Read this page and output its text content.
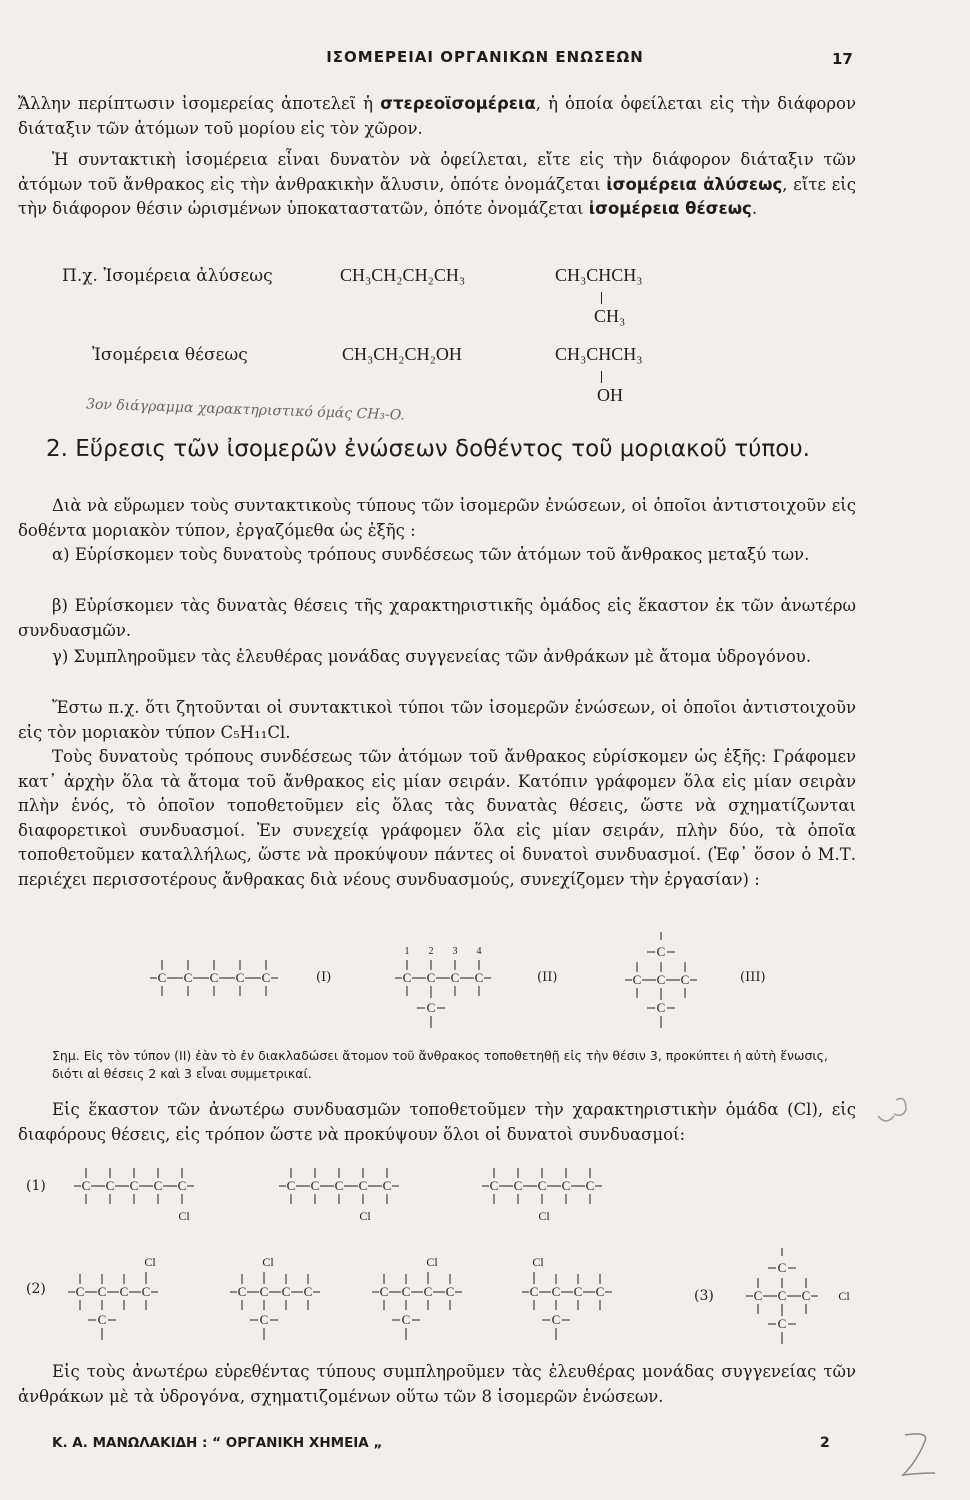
ΙΣΟΜΕΡΕΙΑΙ ΟΡΓΑΝΙΚΩΝ ΕΝΩΣΕΩΝ	17

Ἄλλην περίπτωσιν ἰσομερείας ἀποτελεῖ ἡ στερεοϊσομέρεια, ἡ ὁποία ὀφείλεται εἰς τὴν διάφορον διάταξιν τῶν ἀτόμων τοῦ μορίου εἰς τὸν χῶρον.

Ἡ συντακτικὴ ἰσομέρεια εἶναι δυνατὸν νὰ ὀφείλεται, εἴτε εἰς τὴν διάφορον διάταξιν τῶν ἀτόμων τοῦ ἄνθρακος εἰς τὴν ἀνθρακικὴν ἄλυσιν, ὁπότε ὀνομάζεται ἰσομέρεια ἀλύσεως, εἴτε εἰς τὴν διάφορον θέσιν ὡρισμένων ὑποκαταστατῶν, ὁπότε ὀνομάζεται ἰσομέρεια θέσεως.

Π.χ. Ἰσομέρεια ἀλύσεως	CH₃CH₂CH₂CH₃	CH₃CHCH₃
CH₃
Ἰσομέρεια θέσεως	CH₃CH₂CH₂OH	CH₃CHCH₃
OH
3ον διάγραμμα χαρακτηριστικό όμάς CH₃-O.
2. Εὕρεσις τῶν ἰσομερῶν ἐνώσεων δοθέντος τοῦ μοριακοῦ τύπου.

Διὰ νὰ εὕρωμεν τοὺς συντακτικοὺς τύπους τῶν ἰσομερῶν ἐνώσεων, οἱ ὁποῖοι ἀντιστοιχοῦν εἰς δοθέντα μοριακὸν τύπον, ἐργαζόμεθα ὡς ἑξῆς :

α) Εὑρίσκομεν τοὺς δυνατοὺς τρόπους συνδέσεως τῶν ἀτόμων τοῦ ἄνθρακος μεταξύ των.

β) Εὑρίσκομεν τὰς δυνατὰς θέσεις τῆς χαρακτηριστικῆς ὁμάδος εἰς ἕκαστον ἐκ τῶν ἀνωτέρω συνδυασμῶν.

γ) Συμπληροῦμεν τὰς ἐλευθέρας μονάδας συγγενείας τῶν ἀνθράκων μὲ ἄτομα ὑδρογόνου.

Ἔστω π.χ. ὅτι ζητοῦνται οἱ συντακτικοὶ τύποι τῶν ἰσομερῶν ἐνώσεων, οἱ ὁποῖοι ἀντιστοιχοῦν εἰς τὸν μοριακὸν τύπον C₅H₁₁Cl.

Τοὺς δυνατοὺς τρόπους συνδέσεως τῶν ἀτόμων τοῦ ἄνθρακος εὑρίσκομεν ὡς ἑξῆς: Γράφομεν κατ᾽ ἀρχὴν ὅλα τὰ ἄτομα τοῦ ἄνθρακος εἰς μίαν σειράν. Κατόπιν γράφομεν ὅλα εἰς μίαν σειρὰν πλὴν ἑνός, τὸ ὁποῖον τοποθετοῦμεν εἰς ὅλας τὰς δυνατὰς θέσεις, ὥστε νὰ σχηματίζωνται διαφορετικοὶ συνδυασμοί. Ἐν συνεχείᾳ γράφομεν ὅλα εἰς μίαν σειράν, πλὴν δύο, τὰ ὁποῖα τοποθετοῦμεν καταλλήλως, ὥστε νὰ προκύψουν πάντες οἱ δυνατοὶ συνδυασμοί. (Ἐφ᾽ ὅσον ὁ Μ.Τ. περιέχει περισσοτέρους ἄνθρακας διὰ νέους συνδυασμούς, συνεχίζομεν τὴν ἐργασίαν) :

C C C C C	(I)	C C C C
1 2 3 4
C
(II)	C C C
C
C
(III)

Σημ. Εἰς τὸν τύπον (II) ἐὰν τὸ ἐν διακλαδώσει ἄτομον τοῦ ἄνθρακος τοποθετηθῇ εἰς τὴν θέσιν 3, προκύπτει ἡ αὐτὴ ἕνωσις, διότι αἱ θέσεις 2 καὶ 3 εἶναι συμμετρικαί.

Εἰς ἕκαστον τῶν ἀνωτέρω συνδυασμῶν τοποθετοῦμεν τὴν χαρακτηριστικὴν ὁμάδα (Cl), εἰς διαφόρους θέσεις, εἰς τρόπον ὥστε νὰ προκύψουν ὅλοι οἱ δυνατοὶ συνδυασμοί:

(1)	C C C C C
Cl
C C C C C
Cl
C C C C C
Cl
(2) C C C C
C
Cl
C C C C
C
Cl
C C C C
C
Cl
C C C C
C
Cl
(3)	C C C
C
C
Cl

Εἰς τοὺς ἀνωτέρω εὑρεθέντας τύπους συμπληροῦμεν τὰς ἐλευθέρας μονάδας συγγενείας τῶν ἀνθράκων μὲ τὰ ὑδρογόνα, σχηματιζομένων οὕτω τῶν 8 ἰσομερῶν ἑνώσεων.

Κ. Α. ΜΑΝΩΛΑΚΙΔΗ : “ ΟΡΓΑΝΙΚΗ ΧΗΜΕΙΑ „	2
